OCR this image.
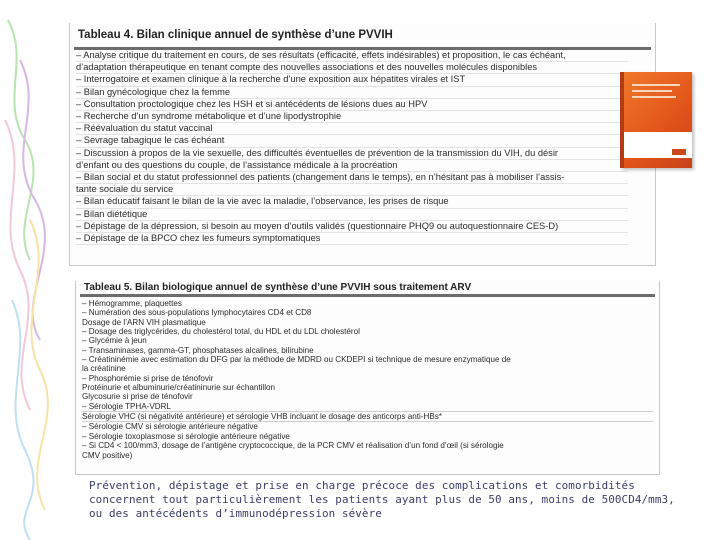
Tableau 4. Bilan clinique annuel de synthèse d’une PVVIH
– Analyse critique du traitement en cours, de ses résultats (efficacité, effets indésirables) et proposition, le cas échéant,
d’adaptation thérapeutique en tenant compte des nouvelles associations et des nouvelles molécules disponibles
– Interrogatoire et examen clinique à la recherche d’une exposition aux hépatites virales et IST
– Bilan gynécologique chez la femme
– Consultation proctologique chez les HSH et si antécédents de lésions dues au HPV
– Recherche d’un syndrome métabolique et d’une lipodystrophie
– Réévaluation du statut vaccinal
– Sevrage tabagique le cas échéant
– Discussion à propos de la vie sexuelle, des difficultés éventuelles de prévention de la transmission du VIH, du désir
d’enfant ou des questions du couple, de l’assistance médicale à la procréation
– Bilan social et du statut professionnel des patients (changement dans le temps), en n’hésitant pas à mobiliser l’assis-
tante sociale du service
– Bilan éducatif faisant le bilan de la vie avec la maladie, l’observance, les prises de risque
– Bilan diététique
– Dépistage de la dépression, si besoin au moyen d’outils validés (questionnaire PHQ9 ou autoquestionnaire CES-D)
– Dépistage de la BPCO chez les fumeurs symptomatiques
Tableau 5. Bilan biologique annuel de synthèse d’une PVVIH sous traitement ARV
– Hémogramme, plaquettes
– Numération des sous-populations lymphocytaires CD4 et CD8
Dosage de l’ARN VIH plasmatique
– Dosage des triglycérides, du cholestérol total, du HDL et du LDL cholestérol
– Glycémie à jeun
– Transaminases, gamma-GT, phosphatases alcalines, bilirubine
– Créatininémie avec estimation du DFG par la méthode de MDRD ou CKDEPI si technique de mesure enzymatique de
la créatinine
– Phosphorémie si prise de ténofovir
Protéinurie et albuminurie/créatininurie sur échantillon
Glycosurie si prise de ténofovir
– Sérologie TPHA-VDRL
Sérologie VHC (si négativité antérieure) et sérologie VHB incluant le dosage des anticorps anti-HBs*
– Sérologie CMV si sérologie antérieure négative
– Sérologie toxoplasmose si sérologie antérieure négative
– Si CD4 < 100/mm3, dosage de l’antigène cryptococcique, de la PCR CMV et réalisation d’un fond d’œil (si sérologie
CMV positive)
Prévention, dépistage et prise en charge précoce des complications et comorbidités concernent tout particulièrement les patients ayant plus de 50 ans, moins de 500CD4/mm3, ou des antécédents d’immunodépression sévère
